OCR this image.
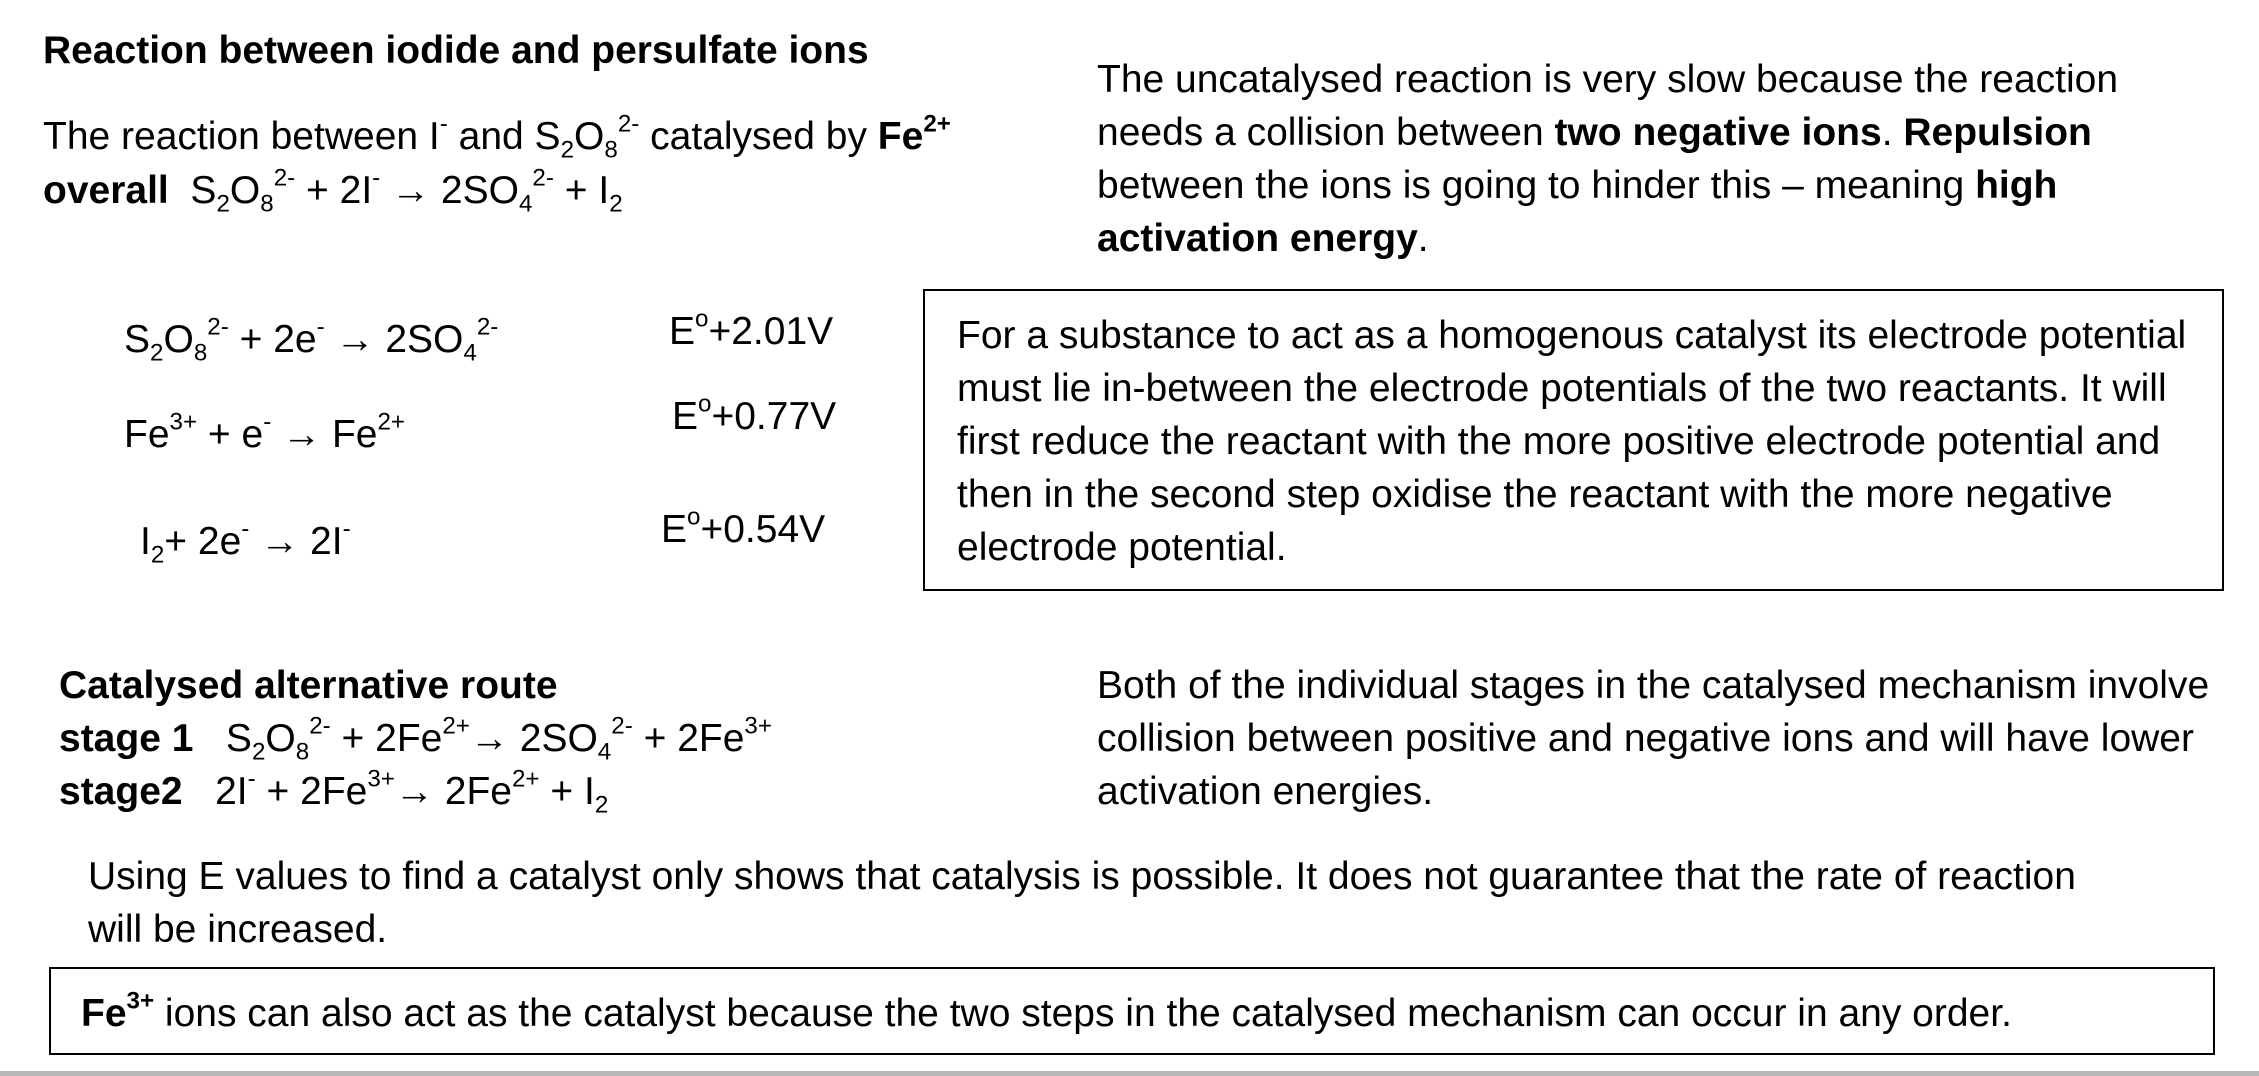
Reaction between iodide and persulfate ions
The reaction between I- and $S_2O_8^{2-}$ catalysed by $Fe^{2+}$
overall $S_2O_8^{2-} + 2I^- \to 2SO_4^{2-} + I_2$
$S_2O_8^{2-} + 2e^- \to 2SO_4^{2-}$	$E^o+2.01V$
$Fe^{3+} + e^- \to Fe^{2+}$	$E^o+0.77V$
$I_2+ 2e^- \to 2I^-$	$E^o+0.54V$
The uncatalysed reaction is very slow because the reaction needs a collision between two negative ions. Repulsion between the ions is going to hinder this – meaning high activation energy.
For a substance to act as a homogenous catalyst its electrode potential must lie in-between the electrode potentials of the two reactants. It will first reduce the reactant with the more positive electrode potential and then in the second step oxidise the reactant with the more negative electrode potential.
Catalysed alternative route
stage 1 $S_2O_8^{2-} + 2Fe^{2+}\to 2SO_4^{2-} + 2Fe^{3+}$
stage2 $2I^- + 2Fe^{3+}\to 2Fe^{2+} + I_2$
Both of the individual stages in the catalysed mechanism involve collision between positive and negative ions and will have lower activation energies.
Using E values to find a catalyst only shows that catalysis is possible. It does not guarantee that the rate of reaction will be increased.
$Fe^{3+}$ ions can also act as the catalyst because the two steps in the catalysed mechanism can occur in any order.
